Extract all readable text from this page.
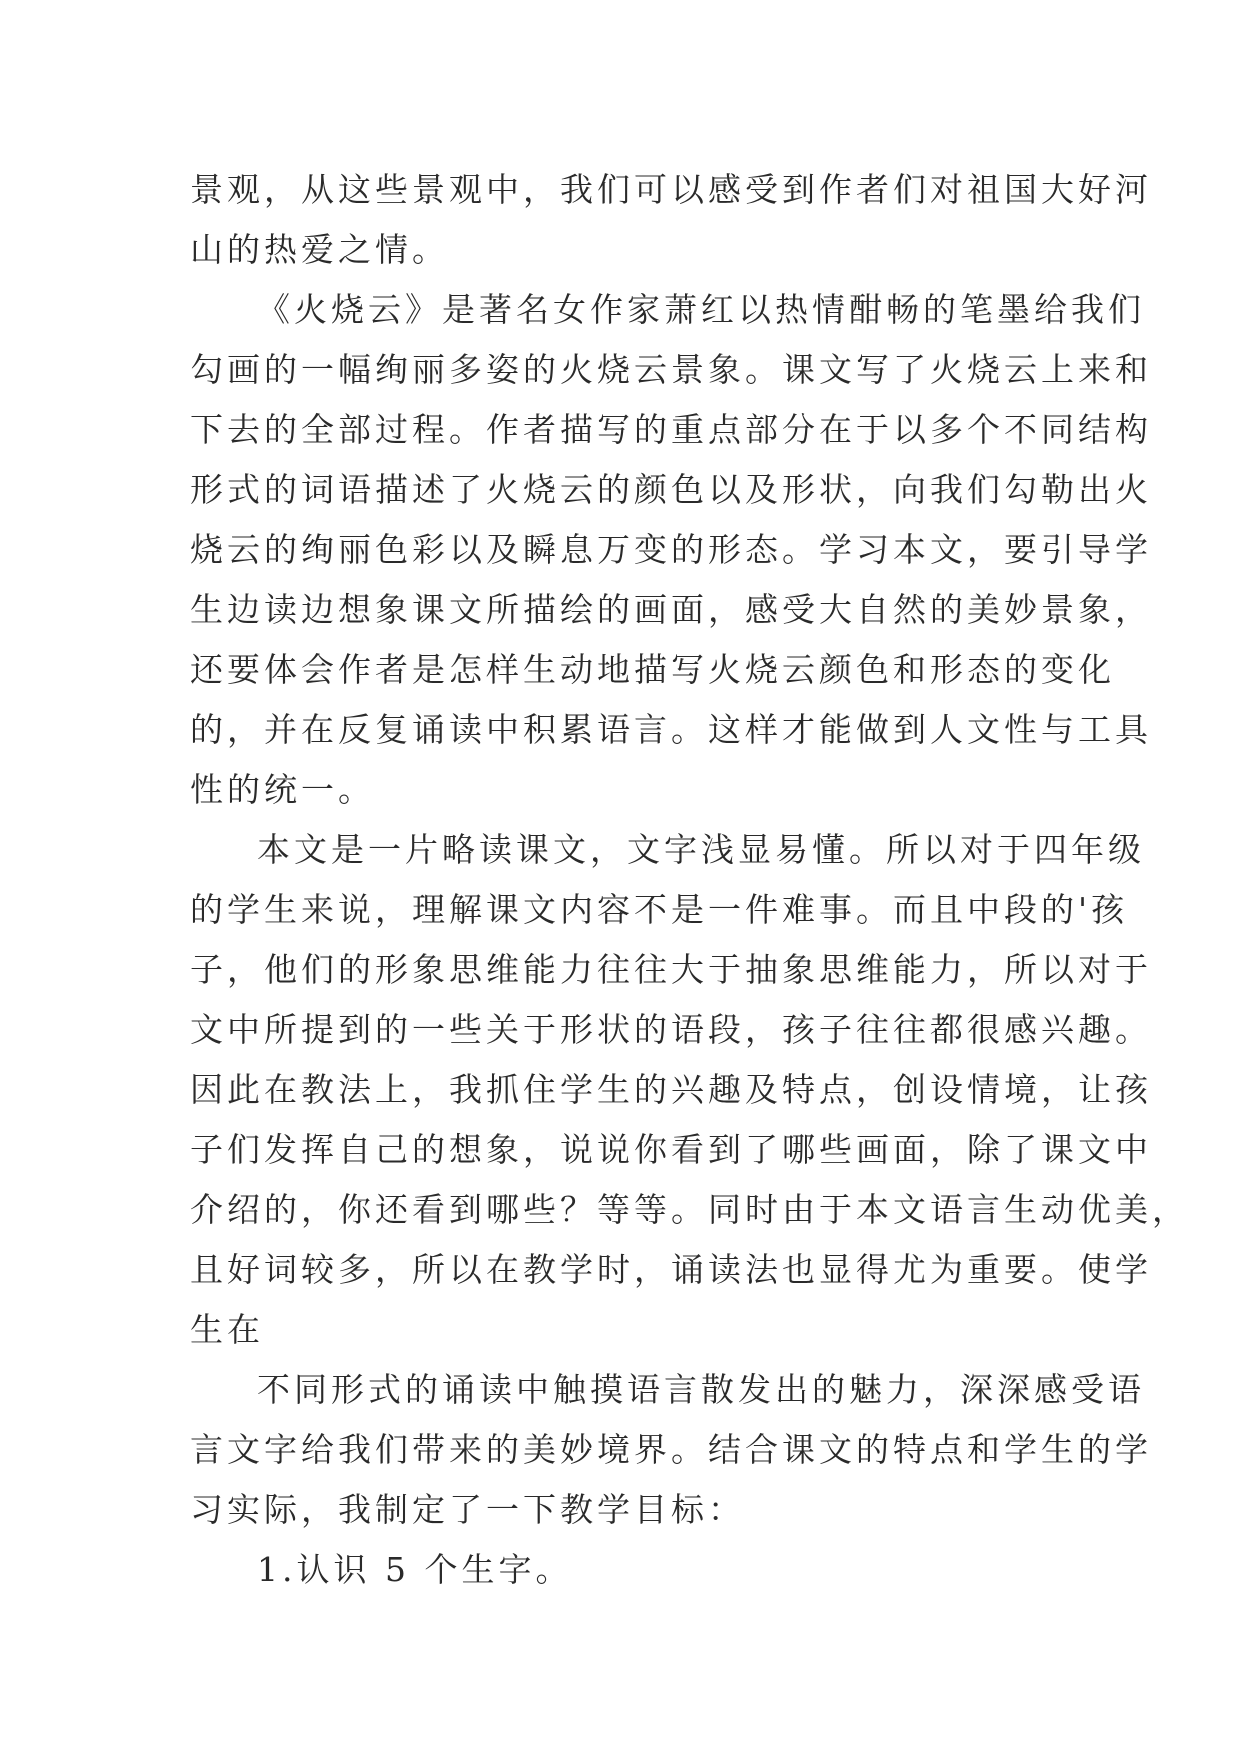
景观，从这些景观中，我们可以感受到作者们对祖国大好河
山的热爱之情。
《火烧云》是著名女作家萧红以热情酣畅的笔墨给我们
勾画的一幅绚丽多姿的火烧云景象。课文写了火烧云上来和
下去的全部过程。作者描写的重点部分在于以多个不同结构
形式的词语描述了火烧云的颜色以及形状，向我们勾勒出火
烧云的绚丽色彩以及瞬息万变的形态。学习本文，要引导学
生边读边想象课文所描绘的画面，感受大自然的美妙景象，
还要体会作者是怎样生动地描写火烧云颜色和形态的变化
的，并在反复诵读中积累语言。这样才能做到人文性与工具
性的统一。
本文是一片略读课文，文字浅显易懂。所以对于四年级
的学生来说，理解课文内容不是一件难事。而且中段的'孩
子，他们的形象思维能力往往大于抽象思维能力，所以对于
文中所提到的一些关于形状的语段，孩子往往都很感兴趣。
因此在教法上，我抓住学生的兴趣及特点，创设情境，让孩
子们发挥自己的想象，说说你看到了哪些画面，除了课文中
介绍的，你还看到哪些？等等。同时由于本文语言生动优美，
且好词较多，所以在教学时，诵读法也显得尤为重要。使学
生在
不同形式的诵读中触摸语言散发出的魅力，深深感受语
言文字给我们带来的美妙境界。结合课文的特点和学生的学
习实际，我制定了一下教学目标：
1.认识 5 个生字。
